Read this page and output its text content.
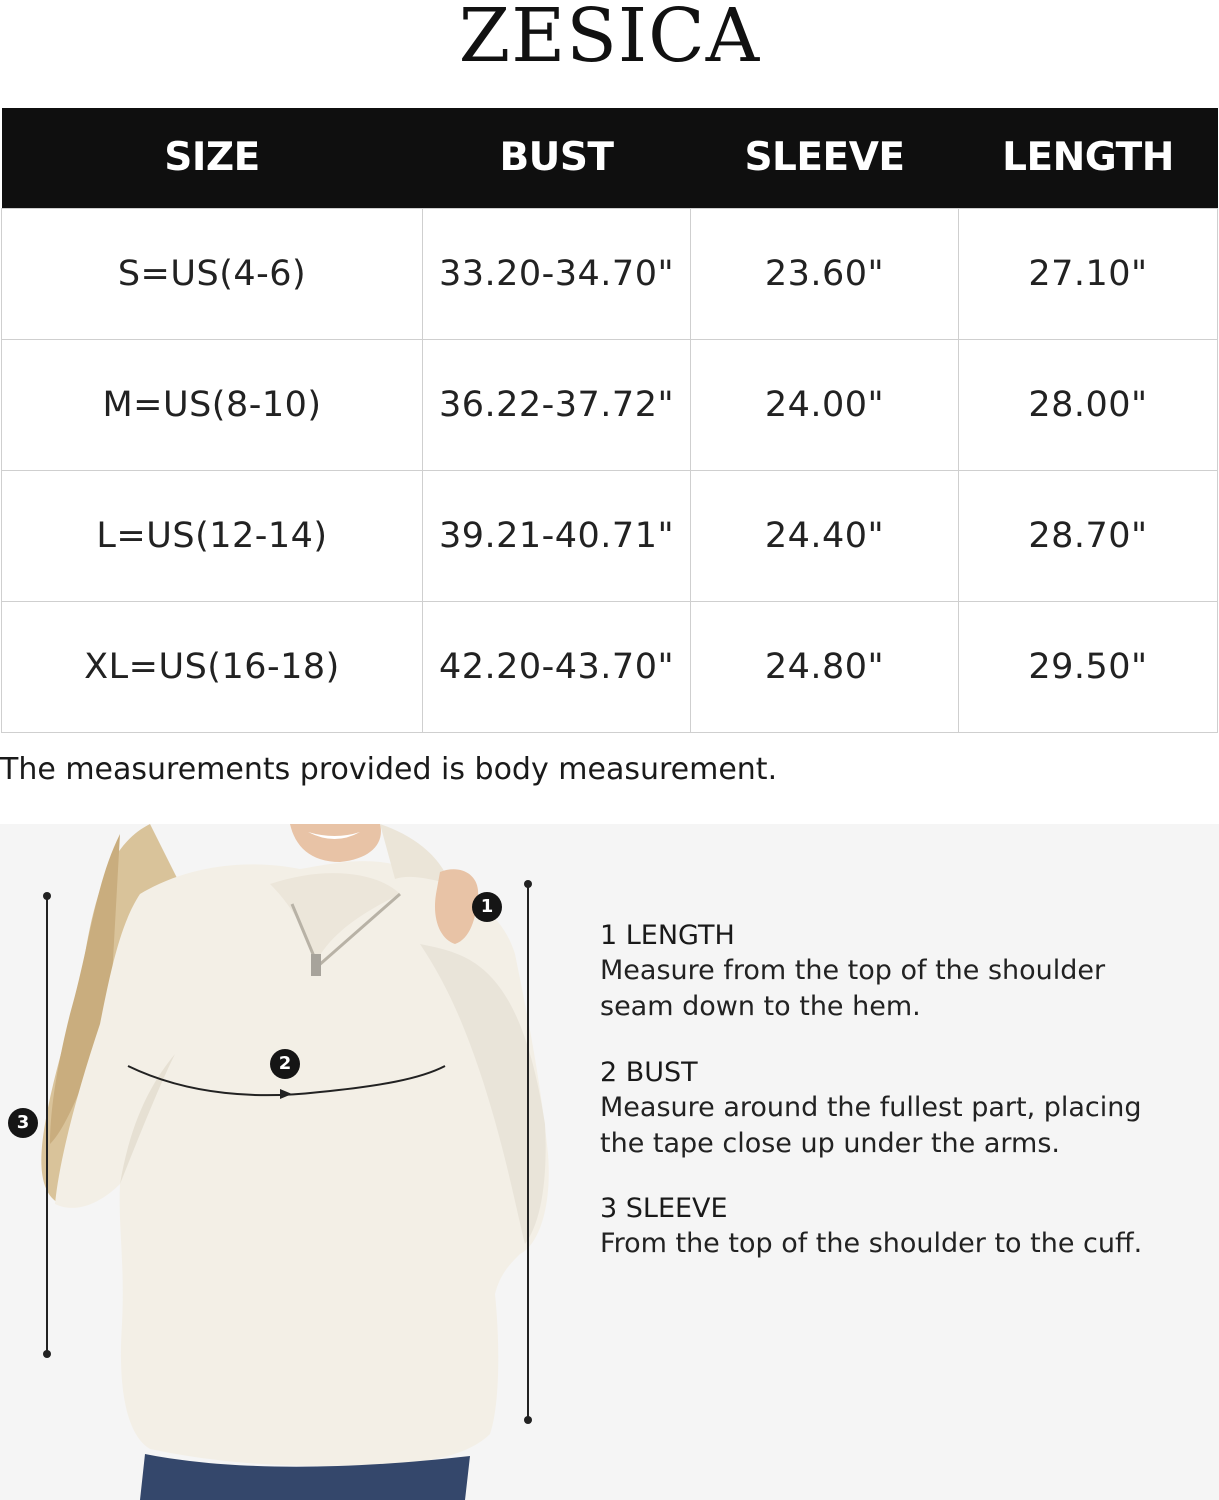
ZESICA
SIZE	BUST	SLEEVE	LENGTH
S=US(4-6)	33.20-34.70"	23.60"	27.10"
M=US(8-10)	36.22-37.72"	24.00"	28.00"
L=US(12-14)	39.21-40.71"	24.40"	28.70"
XL=US(16-18)	42.20-43.70"	24.80"	29.50"
The measurements provided is body measurement.
1
2
3
1 LENGTH
Measure from the top of the shoulder seam down to the hem.
2 BUST
Measure around the fullest part, placing the tape close up under the arms.
3 SLEEVE
From the top of the shoulder to the cuff.
